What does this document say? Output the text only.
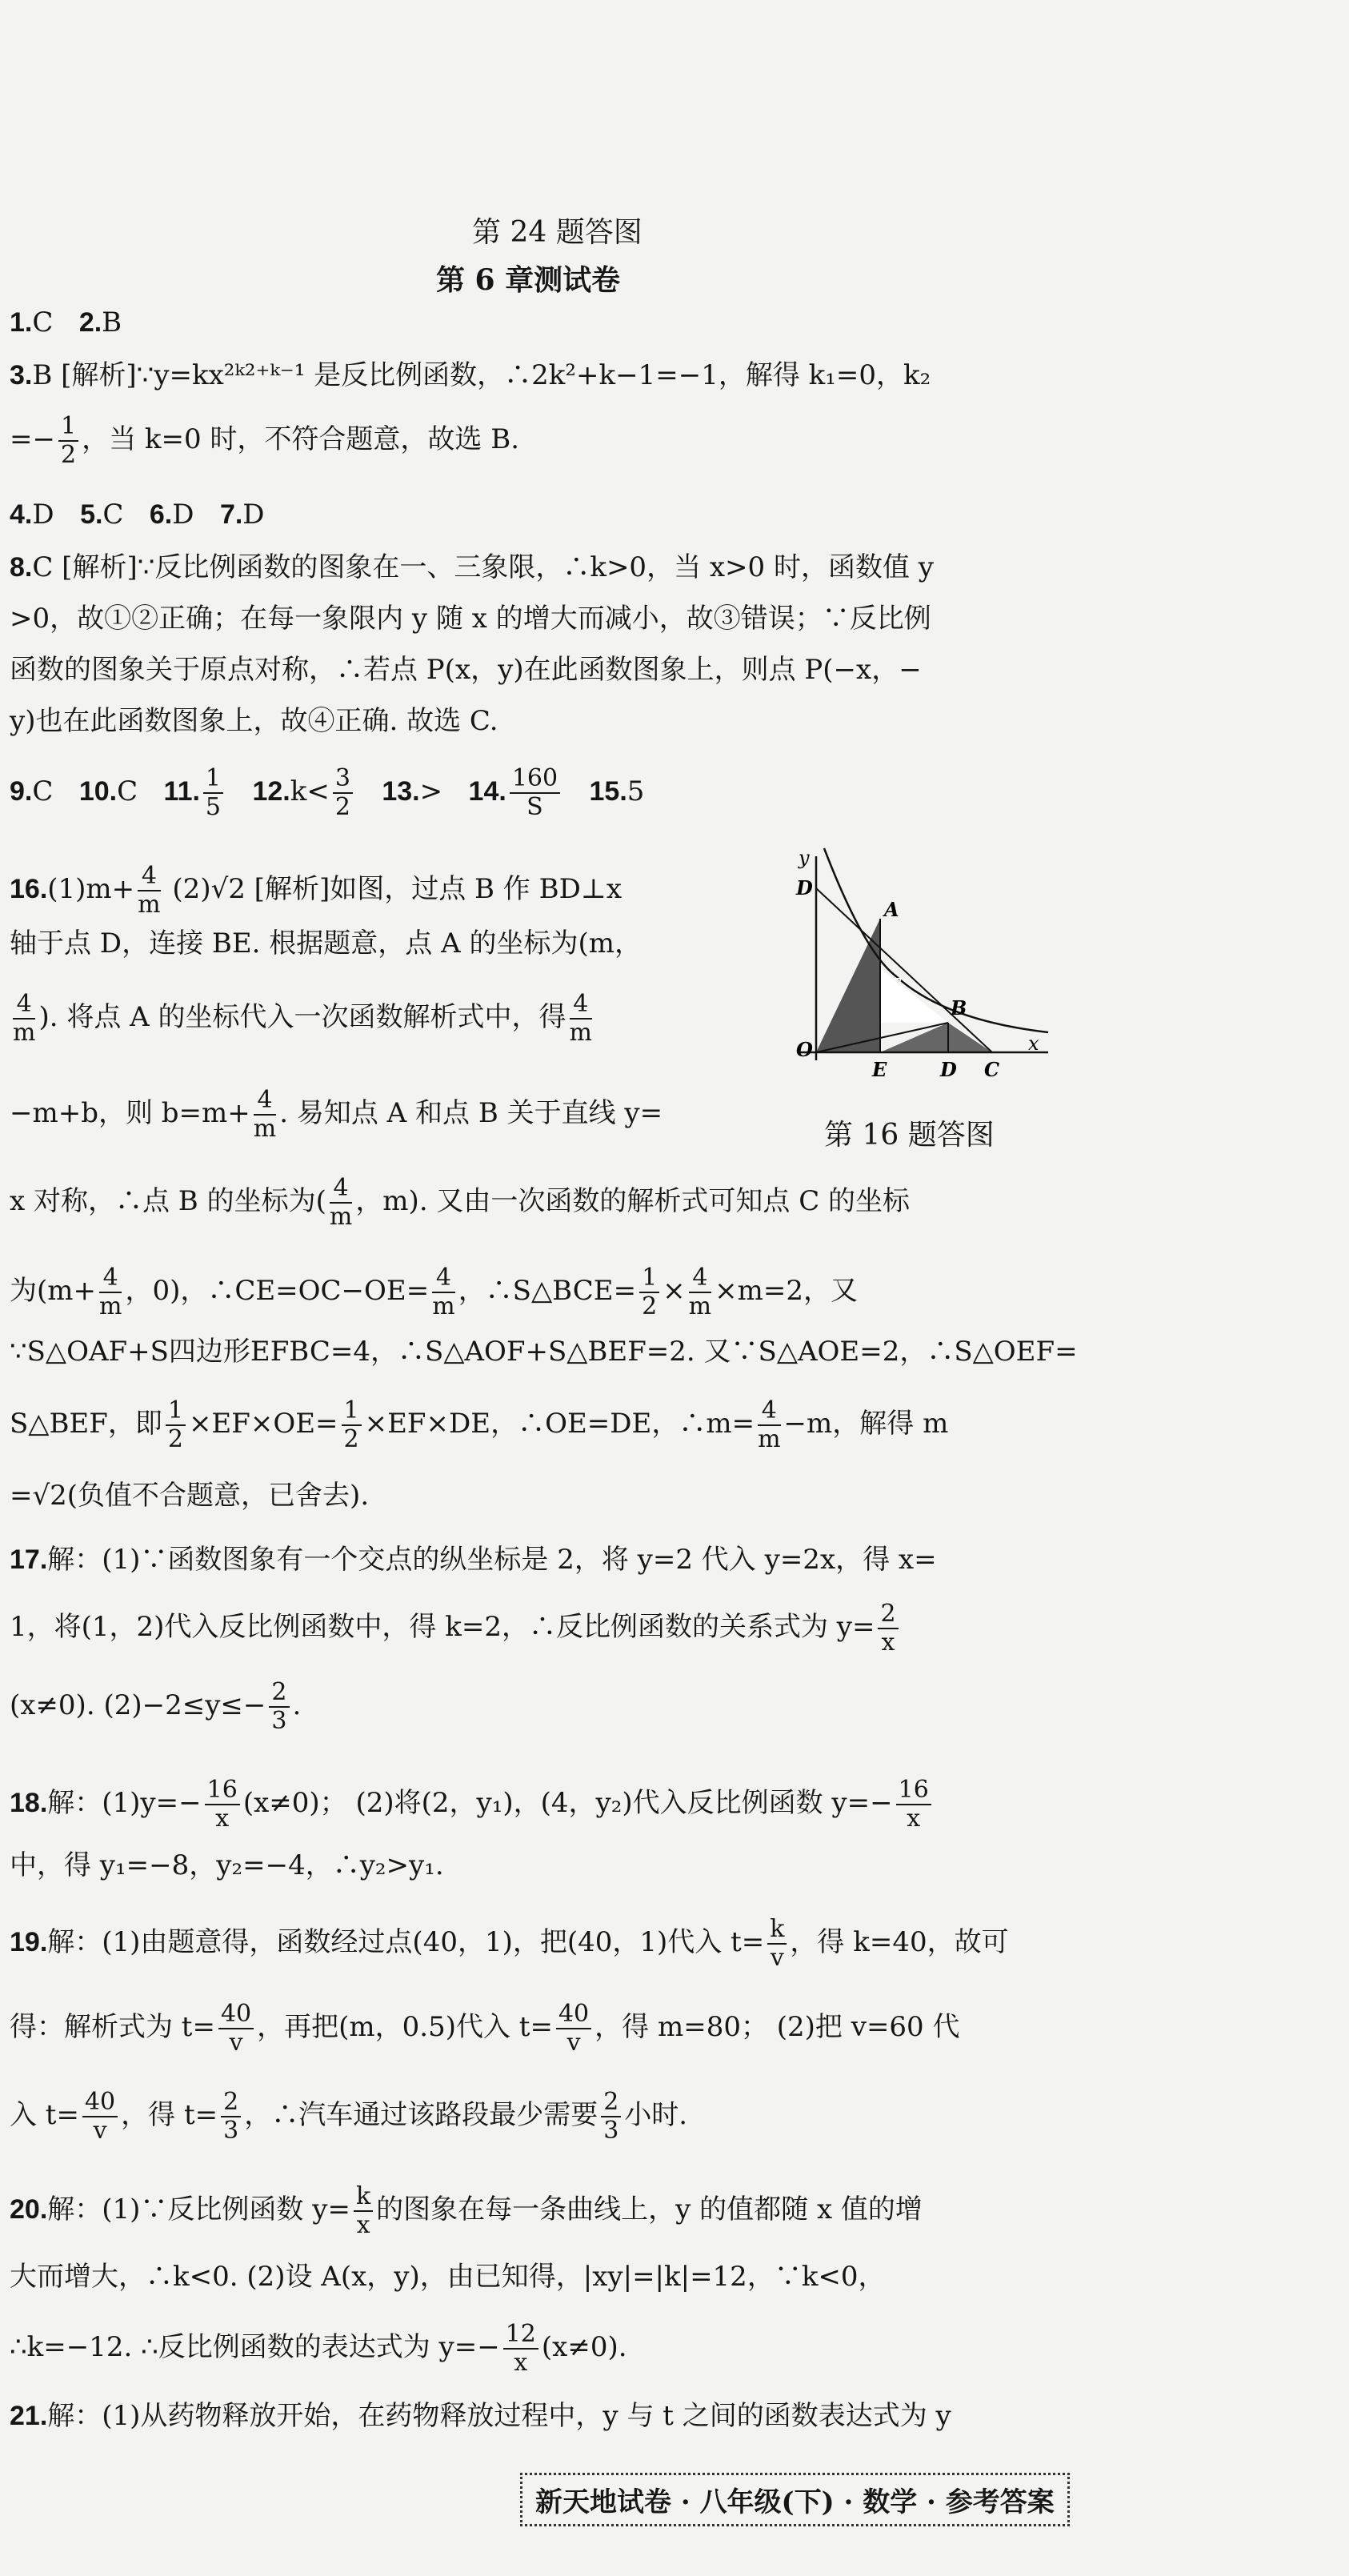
第 24 题答图
第 6 章测试卷
1.C 2.B
3.B [解析]∵y=kx²ᵏ²⁺ᵏ⁻¹ 是反比例函数，∴2k²+k−1=−1，解得 k₁=0，k₂
=− $\frac{1}{2}$ ，当 k=0 时，不符合题意，故选 B.
4.D 5.C 6.D 7.D
8.C [解析]∵反比例函数的图象在一、三象限，∴k>0，当 x>0 时，函数值 y
>0，故①②正确；在每一象限内 y 随 x 的增大而减小，故③错误；∵反比例
函数的图象关于原点对称，∴若点 P(x，y)在此函数图象上，则点 P(−x，−
y)也在此函数图象上，故④正确. 故选 C.
9.C 10.C 11. $\frac{1}{5} 12.k< \frac{3}{2} 13.> 14$. $\frac{160}{S} 15.5$
$16.(1)m+ \frac{4}{m} (2)√2$ [解析]如图，过点 B 作 BD⊥x
轴于点 D，连接 BE. 根据题意，点 A 的坐标为(m，
$\frac{4}{m}$ ). 将点 A 的坐标代入一次函数解析式中，得 $\frac{4}{m}$
−m+b，则 $b=m+ \frac{4}{m}$ . 易知点 A 和点 B 关于直线 y=
x 对称，∴点 B 的坐标为( $\frac{4}{m}$ ，m). 又由一次函数的解析式可知点 C 的坐标
为($m+ \frac{4}{m}$ ，0)，∴CE=OC−OE= $\frac{4}{m}$ ，∴S△BCE= $\frac{1}{2} \times \frac{4}{m} \times m=2$，又
∵S△OAF+S四边形EFBC=4，∴S△AOF+S△BEF=2. 又∵S△AOE=2，∴S△OEF=
S△BEF，即 $\frac{1}{2} \times EF\times OE= \frac{1}{2} \times EF\times DE$，∴OE=DE，∴m= $\frac{4}{m} -m$，解得 m
=√2(负值不合题意，已舍去).
y
D
A
F
B
O
E	D C
x
第 16 题答图
17.解：(1)∵函数图象有一个交点的纵坐标是 2，将 y=2 代入 y=2x，得 x=
1，将(1，2)代入反比例函数中，得 k=2，∴反比例函数的关系式为 $y= \frac{2}{x}$
(x≠0). $(2)-2\le y\le- \frac{2}{3}$ .
18.解：$(1)y=- \frac{16}{x} (x\ne 0)$； (2)将(2，y₁)，(4，y₂)代入反比例函数 $y=- \frac{16}{x}$
中，得 y₁=−8，y₂=−4，∴y₂>y₁.
19.解：(1)由题意得，函数经过点(40，1)，把(40，1)代入 $t= \frac{k}{v}$ ，得 k=40，故可
得：解析式为 $t= \frac{40}{v}$ ，再把(m，0.5)代入 $t= \frac{40}{v}$ ，得 m=80； (2)把 v=60 代
入 $t= \frac{40}{v}$ ，得 $t= \frac{2}{3}$ ，∴汽车通过该路段最少需要 $\frac{2}{3}$ 小时.
20.解：(1)∵反比例函数 $y= \frac{k}{x}$ 的图象在每一条曲线上，y 的值都随 x 值的增
大而增大，∴k<0. (2)设 A(x，y)，由已知得，|xy|=|k|=12，∵k<0，
∴k=−12. ∴反比例函数的表达式为 $y=- \frac{12}{x} (x\ne 0)$.
21.解：(1)从药物释放开始，在药物释放过程中，y 与 t 之间的函数表达式为 y
新天地试卷 · 八年级(下) · 数学 · 参考答案
